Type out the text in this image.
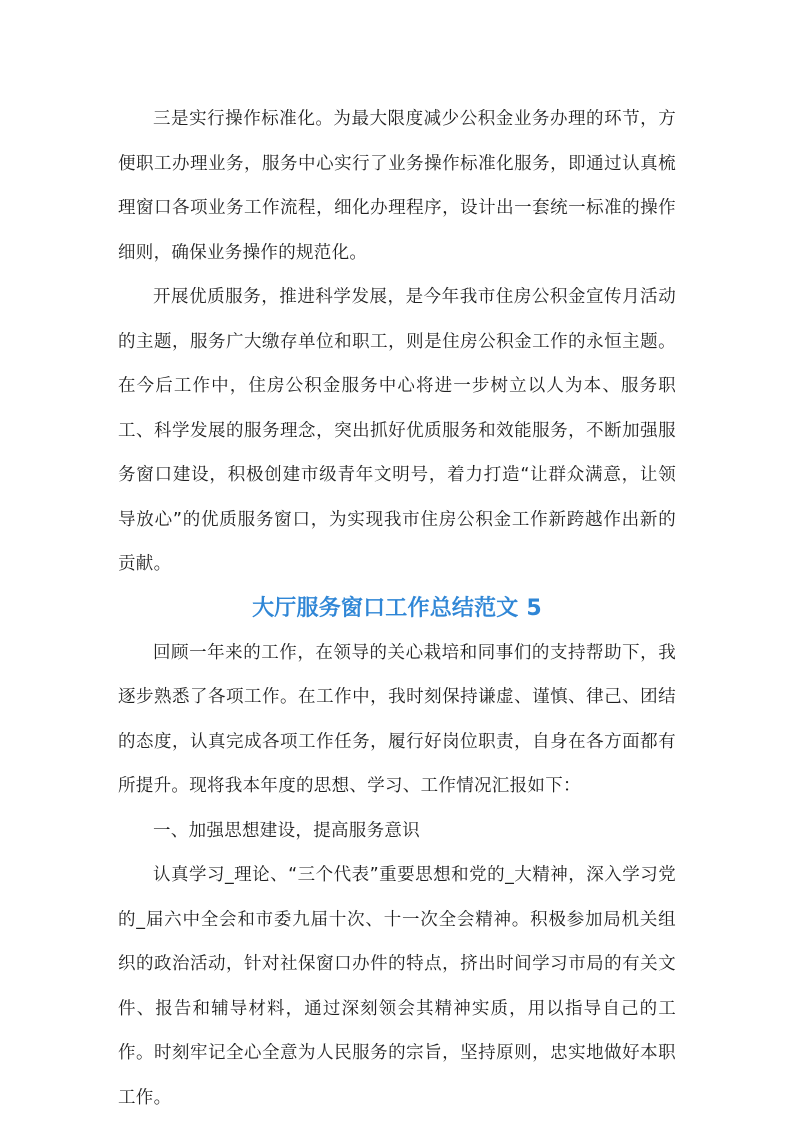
三是实行操作标准化。为最大限度减少公积金业务办理的环节，方便职工办理业务，服务中心实行了业务操作标准化服务，即通过认真梳理窗口各项业务工作流程，细化办理程序，设计出一套统一标准的操作细则，确保业务操作的规范化。

开展优质服务，推进科学发展，是今年我市住房公积金宣传月活动的主题，服务广大缴存单位和职工，则是住房公积金工作的永恒主题。在今后工作中，住房公积金服务中心将进一步树立以人为本、服务职工、科学发展的服务理念，突出抓好优质服务和效能服务，不断加强服务窗口建设，积极创建市级青年文明号，着力打造“让群众满意，让领导放心”的优质服务窗口，为实现我市住房公积金工作新跨越作出新的贡献。

大厅服务窗口工作总结范文 5

回顾一年来的工作，在领导的关心栽培和同事们的支持帮助下，我逐步熟悉了各项工作。在工作中，我时刻保持谦虚、谨慎、律己、团结的态度，认真完成各项工作任务，履行好岗位职责，自身在各方面都有所提升。现将我本年度的思想、学习、工作情况汇报如下：

一、加强思想建设，提高服务意识

认真学习_理论、“三个代表”重要思想和党的_大精神，深入学习党的_届六中全会和市委九届十次、十一次全会精神。积极参加局机关组织的政治活动，针对社保窗口办件的特点，挤出时间学习市局的有关文件、报告和辅导材料，通过深刻领会其精神实质，用以指导自己的工作。时刻牢记全心全意为人民服务的宗旨，坚持原则，忠实地做好本职工作。
